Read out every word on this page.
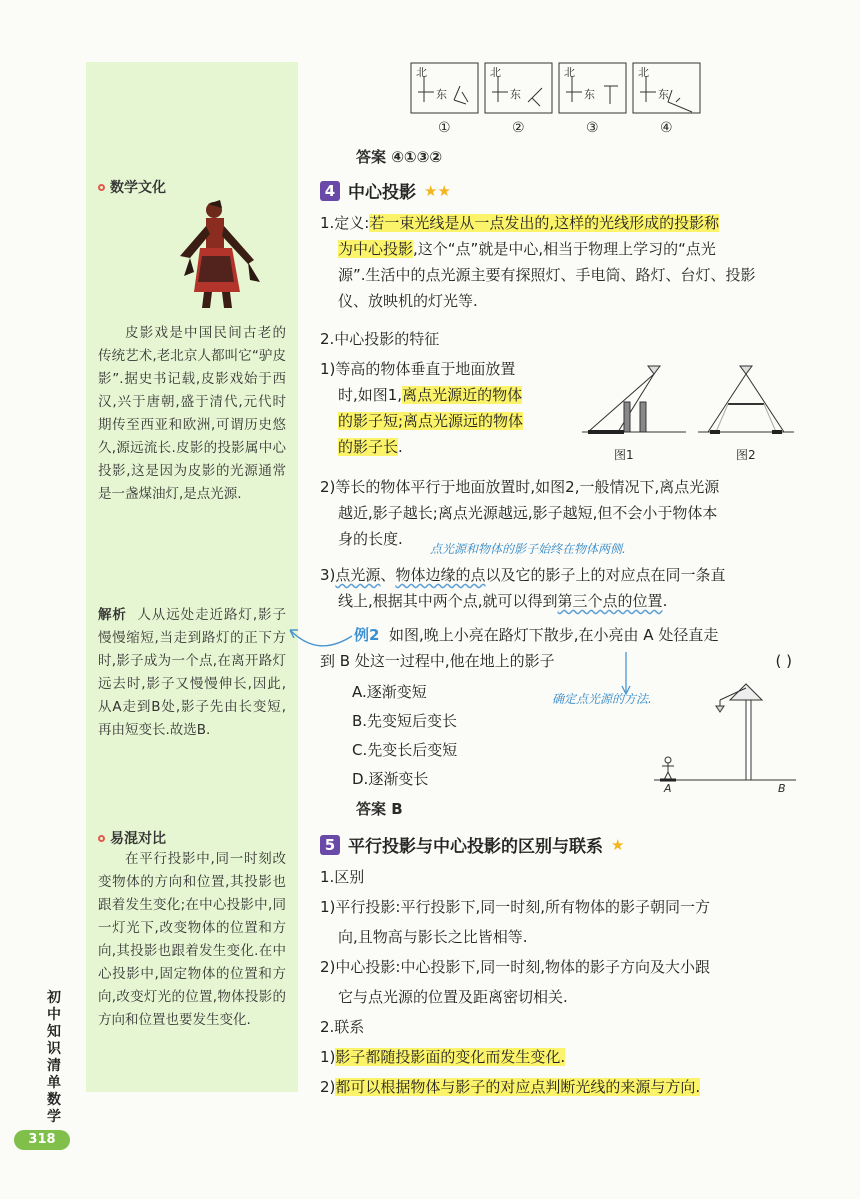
数学文化
皮影戏是中国民间古老的传统艺术,老北京人都叫它“驴皮影”.据史书记载,皮影戏始于西汉,兴于唐朝,盛于清代,元代时期传至西亚和欧洲,可谓历史悠久,源远流长.皮影的投影属中心投影,这是因为皮影的光源通常是一盏煤油灯,是点光源.
解析 人从远处走近路灯,影子慢慢缩短,当走到路灯的正下方时,影子成为一个点,在离开路灯远去时,影子又慢慢伸长,因此,从A走到B处,影子先由长变短,再由短变长.故选B.
易混对比
在平行投影中,同一时刻改变物体的方向和位置,其投影也跟着发生变化;在中心投影中,同一灯光下,改变物体的位置和方向,其投影也跟着发生变化.在中心投影中,固定物体的位置和方向,改变灯光的位置,物体投影的方向和位置也要发生变化.
初中知识清单 数学
318
北
东
北
东
北
东
北
东
①	②	③	④
答案 ④①③②
4 中心投影 ★★
1.定义:若一束光线是从一点发出的,这样的光线形成的投影称
为中心投影,这个“点”就是中心,相当于物理上学习的“点光
源”.生活中的点光源主要有探照灯、手电筒、路灯、台灯、投影
仪、放映机的灯光等.
2.中心投影的特征
1)等高的物体垂直于地面放置
时,如图1,离点光源近的物体
的影子短;离点光源远的物体
的影子长.	图1	图2
2)等长的物体平行于地面放置时,如图2,一般情况下,离点光源
越近,影子越长;离点光源越远,影子越短,但不会小于物体本
身的长度.
点光源和物体的影子始终在物体两侧.
3)点光源、物体边缘的点以及它的影子上的对应点在同一条直
线上,根据其中两个点,就可以得到第三个点的位置.
例2 如图,晚上小亮在路灯下散步,在小亮由 A 处径直走
到 B 处这一过程中,他在地上的影子	( )
确定点光源的方法.
A.逐渐变短
B.先变短后变长
C.先变长后变短
D.逐渐变长
A	B
答案 B
5 平行投影与中心投影的区别与联系 ★
1.区别
1)平行投影:平行投影下,同一时刻,所有物体的影子朝同一方
向,且物高与影长之比皆相等.
2)中心投影:中心投影下,同一时刻,物体的影子方向及大小跟
它与点光源的位置及距离密切相关.
2.联系
1)影子都随投影面的变化而发生变化.
2)都可以根据物体与影子的对应点判断光线的来源与方向.
